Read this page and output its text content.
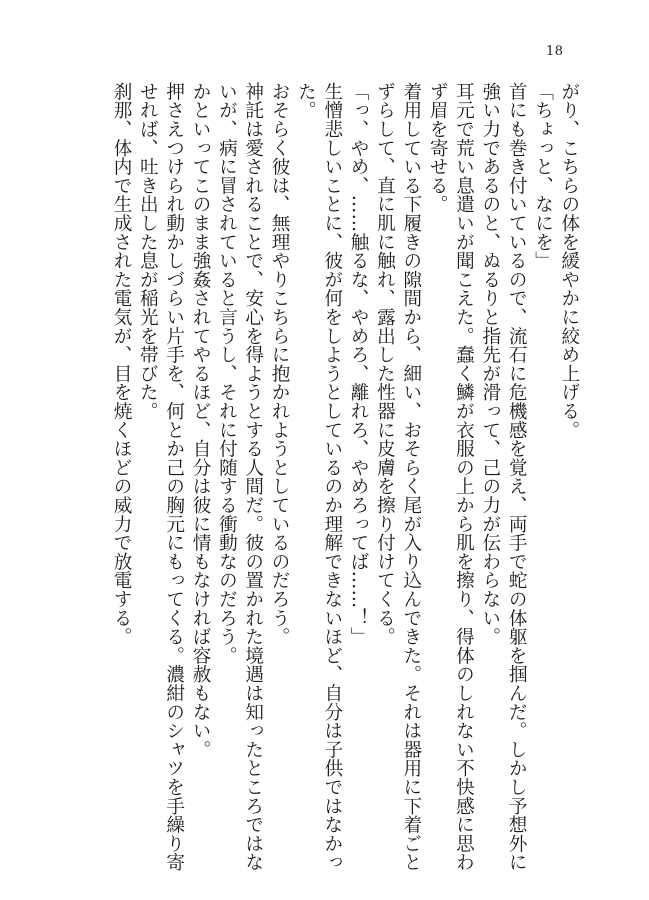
18
がり、こちらの体を緩やかに絞め上げる。
「ちょっと、なにを」
首にも巻き付いているので、流石に危機感を覚え、両手で蛇の体躯を掴んだ。しかし予想外に
強い力であるのと、ぬるりと指先が滑って、己の力が伝わらない。
耳元で荒い息遣いが聞こえた。蠢く鱗が衣服の上から肌を擦り、得体のしれない不快感に思わ
ず眉を寄せる。
着用している下履きの隙間から、細い、おそらく尾が入り込んできた。それは器用に下着ごと
ずらして、直に肌に触れ、露出した性器に皮膚を擦り付けてくる。
「っ、やめ、……触るな、やめろ、離れろ、やめろってば……！」
生憎悲しいことに、彼が何をしようとしているのか理解できないほど、自分は子供ではなかっ
た。
おそらく彼は、無理やりこちらに抱かれようとしているのだろう。
神託は愛されることで、安心を得ようとする人間だ。彼の置かれた境遇は知ったところではな
いが、病に冒されていると言うし、それに付随する衝動なのだろう。
かといってこのまま強姦されてやるほど、自分は彼に情もなければ容赦もない。
押さえつけられ動かしづらい片手を、何とか己の胸元にもってくる。濃紺のシャツを手繰り寄
せれば、吐き出した息が稲光を帯びた。
刹那、体内で生成された電気が、目を焼くほどの威力で放電する。
